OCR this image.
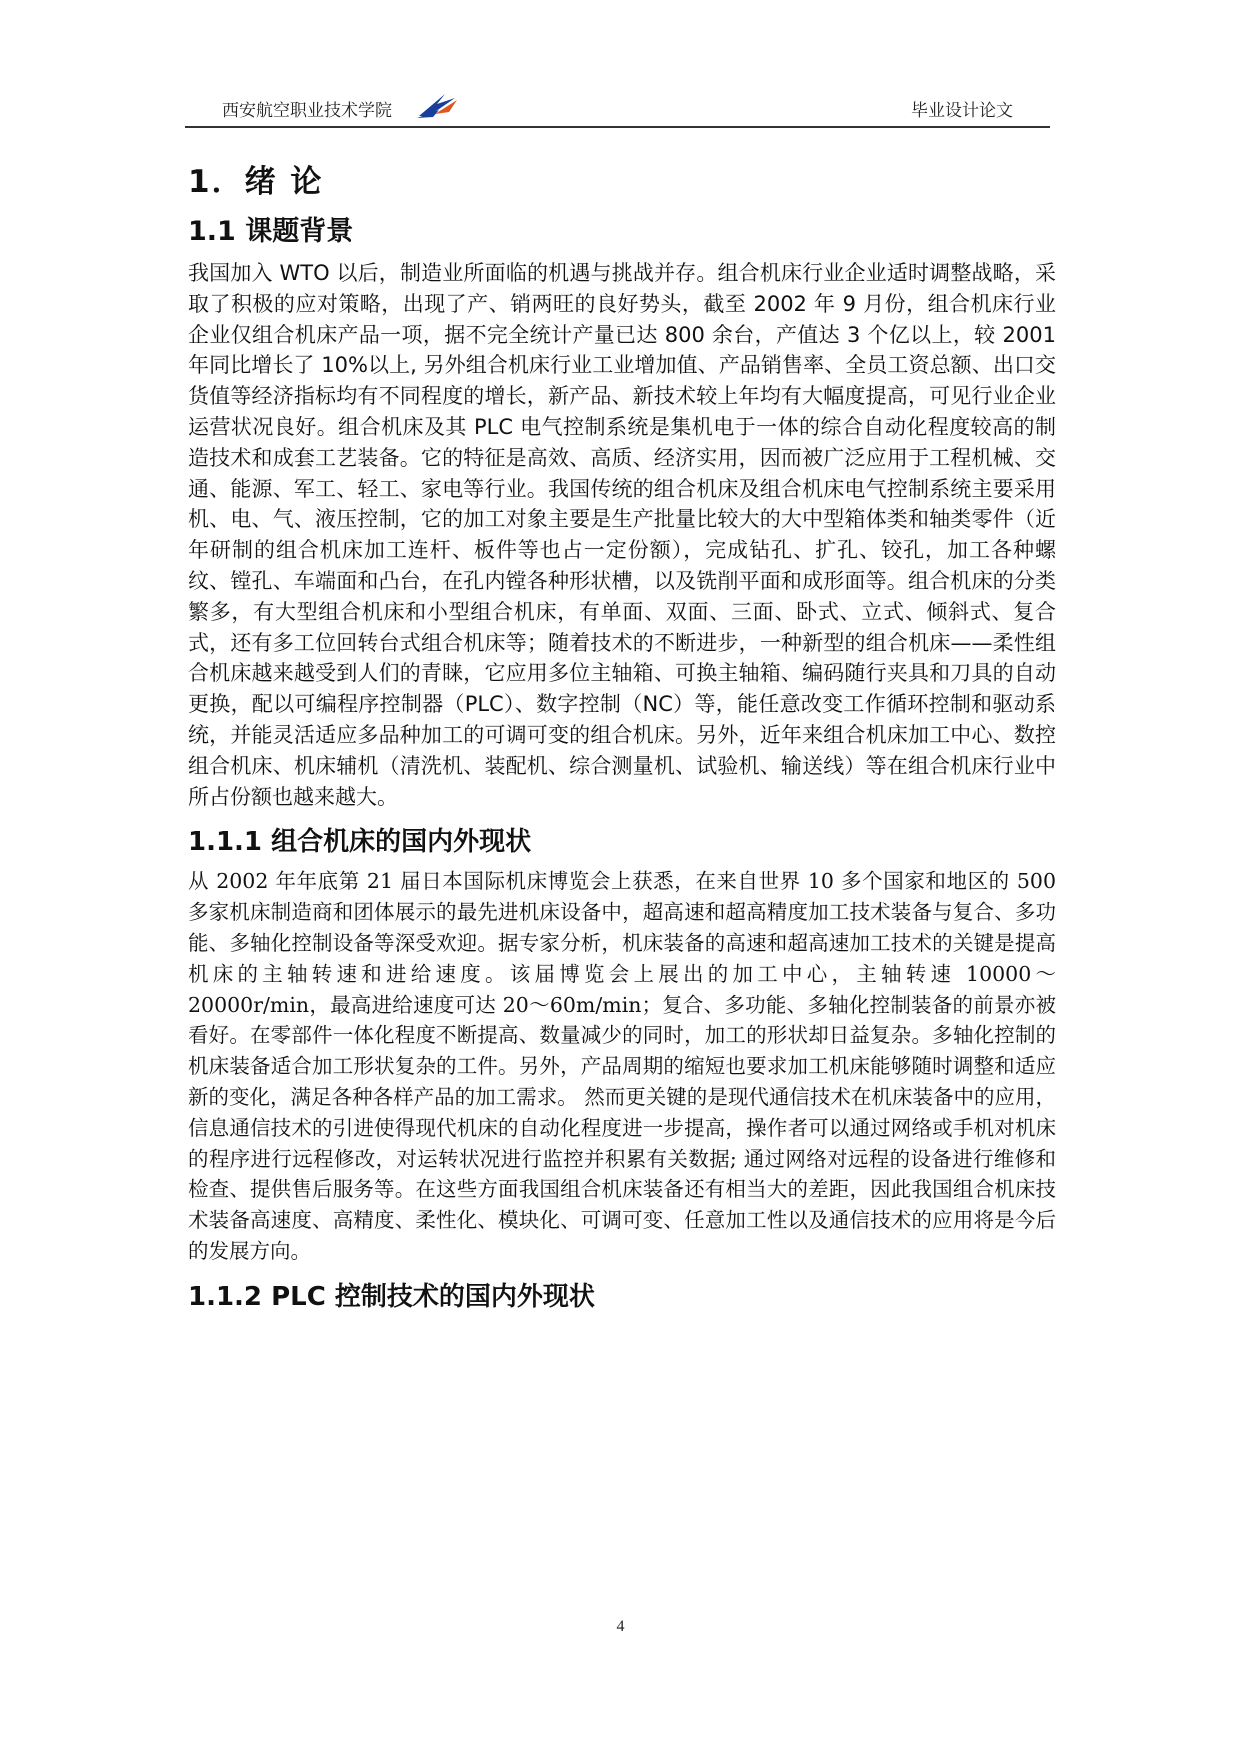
西安航空职业技术学院	毕业设计论文
1．绪 论
1.1 课题背景

我国加入 WTO 以后，制造业所面临的机遇与挑战并存。组合机床行业企业适时调整战略，采取了积极的应对策略，出现了产、销两旺的良好势头，截至 2002 年 9 月份，组合机床行业企业仅组合机床产品一项，据不完全统计产量已达 800 余台，产值达 3 个亿以上，较 2001 年同比增长了 10%以上, 另外组合机床行业工业增加值、产品销售率、全员工资总额、出口交货值等经济指标均有不同程度的增长，新产品、新技术较上年均有大幅度提高，可见行业企业运营状况良好。组合机床及其 PLC 电气控制系统是集机电于一体的综合自动化程度较高的制造技术和成套工艺装备。它的特征是高效、高质、经济实用，因而被广泛应用于工程机械、交通、能源、军工、轻工、家电等行业。我国传统的组合机床及组合机床电气控制系统主要采用机、电、气、液压控制，它的加工对象主要是生产批量比较大的大中型箱体类和轴类零件（近年研制的组合机床加工连杆、板件等也占一定份额），完成钻孔、扩孔、铰孔，加工各种螺纹、镗孔、车端面和凸台，在孔内镗各种形状槽，以及铣削平面和成形面等。组合机床的分类繁多，有大型组合机床和小型组合机床，有单面、双面、三面、卧式、立式、倾斜式、复合式，还有多工位回转台式组合机床等；随着技术的不断进步，一种新型的组合机床——柔性组合机床越来越受到人们的青睐，它应用多位主轴箱、可换主轴箱、编码随行夹具和刀具的自动更换，配以可编程序控制器（PLC）、数字控制（NC）等，能任意改变工作循环控制和驱动系统，并能灵活适应多品种加工的可调可变的组合机床。另外，近年来组合机床加工中心、数控组合机床、机床辅机（清洗机、装配机、综合测量机、试验机、输送线）等在组合机床行业中所占份额也越来越大。

1.1.1 组合机床的国内外现状

从 2002 年年底第 21 届日本国际机床博览会上获悉，在来自世界 10 多个国家和地区的 500 多家机床制造商和团体展示的最先进机床设备中，超高速和超高精度加工技术装备与复合、多功能、多轴化控制设备等深受欢迎。据专家分析，机床装备的高速和超高速加工技术的关键是提高机床的主轴转速和进给速度。该届博览会上展出的加工中心，主轴转速 10000～20000r/min，最高进给速度可达 20～60m/min；复合、多功能、多轴化控制装备的前景亦被看好。在零部件一体化程度不断提高、数量减少的同时，加工的形状却日益复杂。多轴化控制的机床装备适合加工形状复杂的工件。另外，产品周期的缩短也要求加工机床能够随时调整和适应新的变化，满足各种各样产品的加工需求。 然而更关键的是现代通信技术在机床装备中的应用，信息通信技术的引进使得现代机床的自动化程度进一步提高，操作者可以通过网络或手机对机床的程序进行远程修改，对运转状况进行监控并积累有关数据; 通过网络对远程的设备进行维修和检查、提供售后服务等。在这些方面我国组合机床装备还有相当大的差距，因此我国组合机床技术装备高速度、高精度、柔性化、模块化、可调可变、任意加工性以及通信技术的应用将是今后的发展方向。

1.1.2 PLC 控制技术的国内外现状
4
